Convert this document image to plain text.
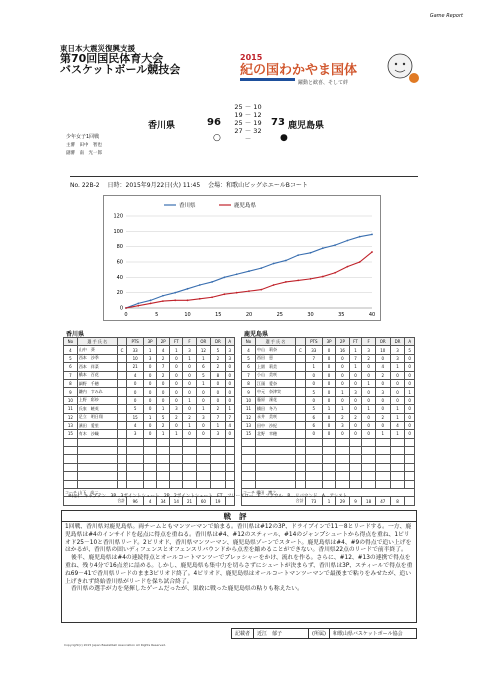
Game Report
東日本大震災復興支援
第70回国民体育大会
バスケットボール競技会
2015
紀の国わかやま国体
躍動と歓喜、そして絆
少年女子1回戦
主審　 田中　智也
副審　 南　光一郎
香川県	96	73 鹿児島県
○	●
25 － 10
19 － 12
25 － 19
27 － 32
－
No. 22B-2　 日時：2015年9月22日(火) 11:45　 会場：和歌山ビッグホエールBコート
0
20
40
60
80
100
120
0	5	10	15	20	25	30	35	40
香川県	鹿児島県
香川県	鹿児島県
No	選 手 氏 名		PTS	3P	2P	FT	F	OR	DR	A
4	山中　葵	C	33	1	4	1	3	12	5	3
5	西本　沙季		10	3	2	0	1	1	2	3
6	西本　祥菜		21	0	7	0	0	6	2	0
7	橋本　百花		4	0	2	0	0	5	8	0
8	細野　千穂		0	0	0	0	0	1	0	0
9	鎌内　すみれ		0	0	0	0	0	0	0	0
10	上野　彩紗		0	0	0	0	1	0	0	0
11	氏家　暁英		5	0	1	3	0	1	2	1
12	足立　明日翔		15	1	5	2	2	3	7	7
13	濱田　愛里		4	0	2	0	1	0	1	4
15	有木　沙織		3	0	1	1	0	0	3	0

コーチ 山下　高二										
合計			96	4	34	14	21	60	19	
No	選 手 氏 名		PTS	3P	2P	FT	F	OR	DR	A
4	中山　莉奈	C	33	0	16	1	3	10	3	5
5	西田　恵		7	0	0	7	2	0	3	0
6	上園　莉美		1	0	0	1	0	4	1	0
7	小山　美咲		0	0	0	0	0	2	0	0
8	江頭　愛奈		0	0	0	0	1	0	0	0
9	中元　奈津実		5	0	1	3	0	3	0	1
10	藤原　凜花		0	0	0	0	0	0	0	0
11	橋田　冬乃		5	1	1	0	1	0	1	0
12	永井　美咲		6	0	2	2	0	2	1	0
13	田中　沙紀		6	0	3	0	0	0	4	0
15	北野　幸穂		0	0	0	0	0	1	1	0

コーチ 揚田　博之										
合計			73	1	29	9	18	47	8	
※(◎)…キャプテン　3P…3ポイントシュート　2P…2ポイントシュート　FT…フリースロー　F…ファウル　R…リバウンド　A…アシスト
戦評

1回戦、香川県対鹿児島県。両チームともマンツーマンで始まる。香川県は#12の3P、ドライブインで11－8とリードする。一方、鹿児島県は#4のインサイドを起点に得点を重ねる。香川県は#4、#12のスティール、#14のジャンプシュートから得点を重ね、1ピリオド25－10と香川県リード。2ピリオド、香川県マンツーマン、鹿児島県ゾーンでスタート。鹿児島県は#4、#9の得点で追い上げをはかるが、香川県の固いディフェンスとオフェンスリバウンドから点差を縮めることができない。香川県22点のリードで前半終了。

後半、鹿児島県は#4の連続得点とオールコートマンツーでプレッシャーをかけ、流れを作る。さらに、#12、#13の連携で得点を重ね、残り4分で16点差に詰める。しかし、鹿児島県も集中力を切らさずにシュートが決まらず、香川県は3P、スティールで得点を重ね69－41で香川県リードのまま3ピリオド終了。4ピリオド、鹿児島県はオールコートマンツーマンで最後まで粘りをみせたが、追い上げきれず終始香川県がリードを保ち試合終了。

香川県の選手が力を発揮したゲームだったが、果敢に戦った鹿児島県の粘りも称えたい。

記載者 近江　郁子	(所属) 和歌山県バスケットボール協会
Copyright(c) 2015 Japan Basketball Association All Rights Reserved.
